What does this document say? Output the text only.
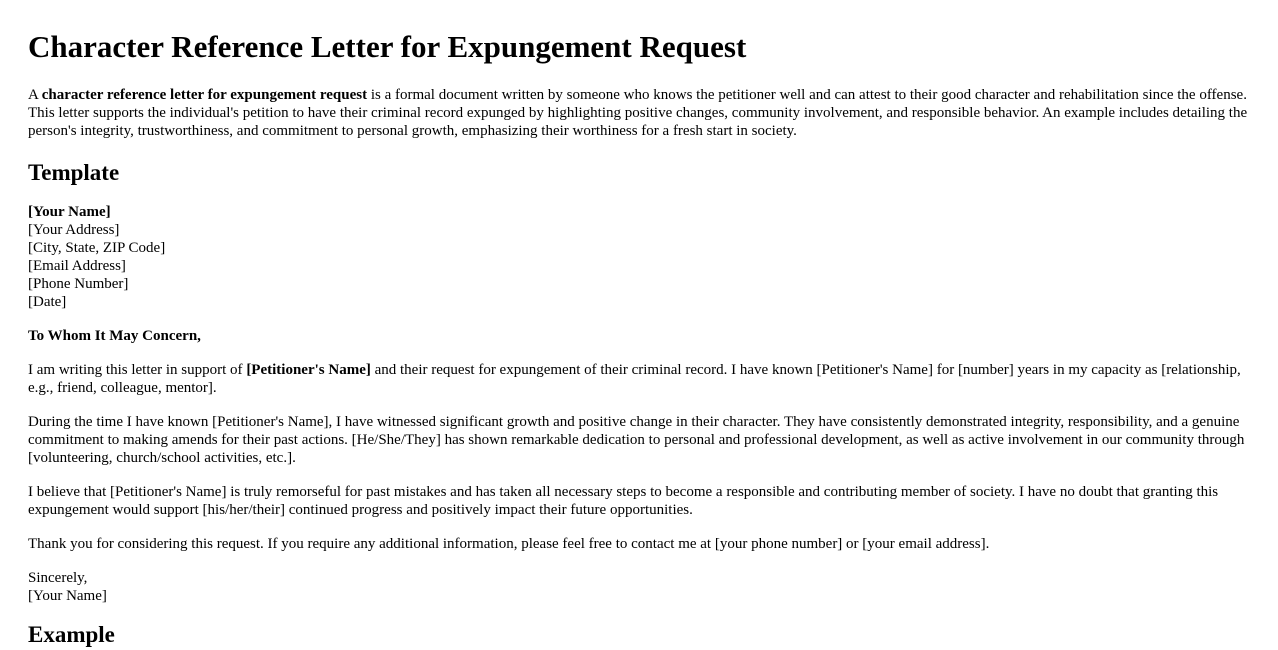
Character Reference Letter for Expungement Request

A character reference letter for expungement request is a formal document written by someone who knows the petitioner well and can attest to their good character and rehabilitation since the offense. This letter supports the individual's petition to have their criminal record expunged by highlighting positive changes, community involvement, and responsible behavior. An example includes detailing the person's integrity, trustworthiness, and commitment to personal growth, emphasizing their worthiness for a fresh start in society.

Template
[Your Name]
[Your Address]
[City, State, ZIP Code]
[Email Address]
[Phone Number]
[Date]

To Whom It May Concern,

I am writing this letter in support of [Petitioner's Name] and their request for expungement of their criminal record. I have known [Petitioner's Name] for [number] years in my capacity as [relationship, e.g., friend, colleague, mentor].

During the time I have known [Petitioner's Name], I have witnessed significant growth and positive change in their character. They have consistently demonstrated integrity, responsibility, and a genuine commitment to making amends for their past actions. [He/She/They] has shown remarkable dedication to personal and professional development, as well as active involvement in our community through [volunteering, church/school activities, etc.].

I believe that [Petitioner's Name] is truly remorseful for past mistakes and has taken all necessary steps to become a responsible and contributing member of society. I have no doubt that granting this expungement would support [his/her/their] continued progress and positively impact their future opportunities.

Thank you for considering this request. If you require any additional information, please feel free to contact me at [your phone number] or [your email address].

Sincerely,
[Your Name]

Example
